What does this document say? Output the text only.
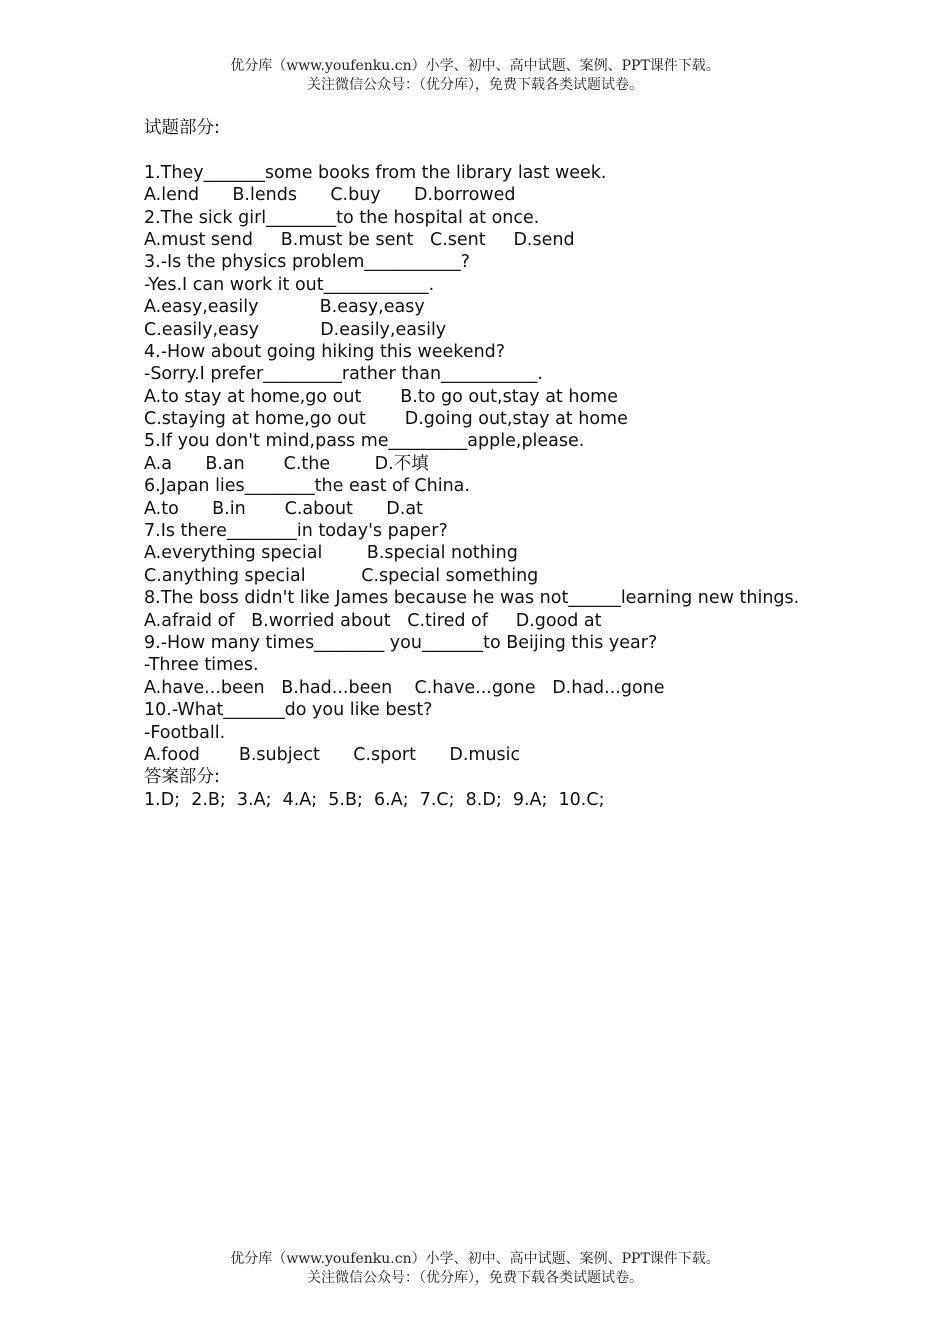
优分库（www.youfenku.cn）小学、初中、高中试题、案例、PPT课件下载。
关注微信公众号：（优分库），免费下载各类试题试卷。
试题部分:
1.They_______some books from the library last week.
A.lend      B.lends      C.buy      D.borrowed
2.The sick girl________to the hospital at once.
A.must send     B.must be sent   C.sent     D.send
3.-Is the physics problem___________?
-Yes.I can work it out____________.
A.easy,easily           B.easy,easy
C.easily,easy           D.easily,easily
4.-How about going hiking this weekend?
-Sorry.I prefer_________rather than___________.
A.to stay at home,go out       B.to go out,stay at home
C.staying at home,go out       D.going out,stay at home
5.If you don't mind,pass me_________apple,please.
A.a      B.an       C.the        D.不填
6.Japan lies________the east of China.
A.to      B.in       C.about      D.at
7.Is there________in today's paper?
A.everything special        B.special nothing
C.anything special          C.special something
8.The boss didn't like James because he was not______learning new things.
A.afraid of   B.worried about   C.tired of     D.good at
9.-How many times________ you_______to Beijing this year?
-Three times.
A.have...been   B.had...been    C.have...gone   D.had...gone
10.-What_______do you like best?
-Football.
A.food       B.subject      C.sport      D.music
答案部分:
1.D;  2.B;  3.A;  4.A;  5.B;  6.A;  7.C;  8.D;  9.A;  10.C;
优分库（www.youfenku.cn）小学、初中、高中试题、案例、PPT课件下载。
关注微信公众号：（优分库），免费下载各类试题试卷。
